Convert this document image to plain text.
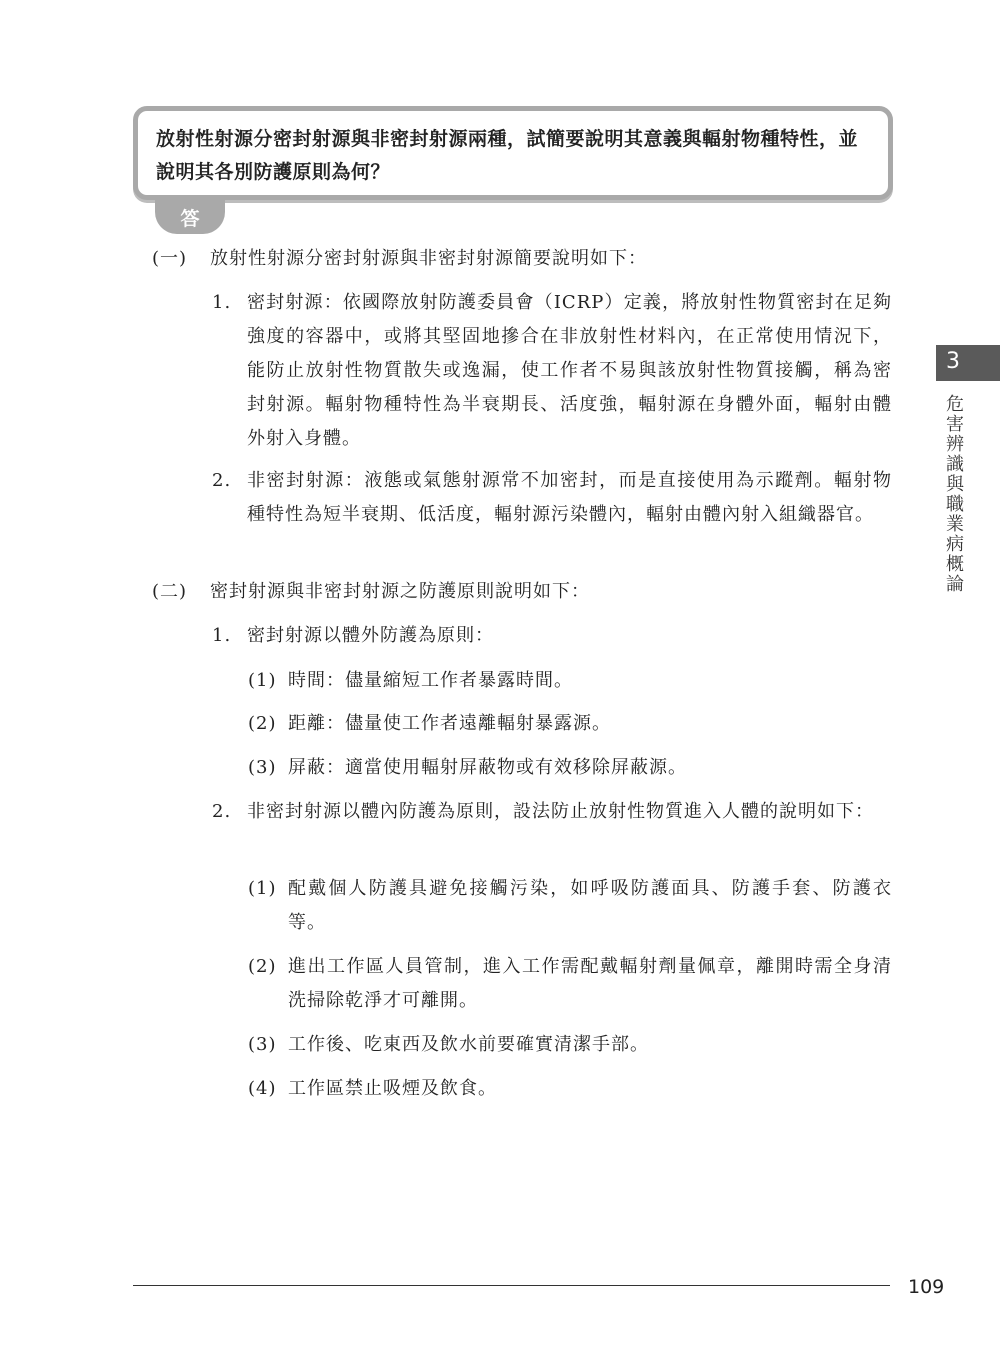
放射性射源分密封射源與非密封射源兩種，試簡要說明其意義與輻射物種特性，並說明其各別防護原則為何？
答
(一) 放射性射源分密封射源與非密封射源簡要說明如下：
1. 密封射源：依國際放射防護委員會（ICRP）定義，將放射性物質密封在足夠強度的容器中，或將其堅固地摻合在非放射性材料內，在正常使用情況下，能防止放射性物質散失或逸漏，使工作者不易與該放射性物質接觸，稱為密封射源。輻射物種特性為半衰期長、活度強，輻射源在身體外面，輻射由體外射入身體。
2. 非密封射源：液態或氣態射源常不加密封，而是直接使用為示蹤劑。輻射物種特性為短半衰期、低活度，輻射源污染體內，輻射由體內射入組織器官。
(二) 密封射源與非密封射源之防護原則說明如下：
1. 密封射源以體外防護為原則：
(1) 時間：儘量縮短工作者暴露時間。
(2) 距離：儘量使工作者遠離輻射暴露源。
(3) 屏蔽：適當使用輻射屏蔽物或有效移除屏蔽源。
2. 非密封射源以體內防護為原則，設法防止放射性物質進入人體的說明如下：
(1) 配戴個人防護具避免接觸污染，如呼吸防護面具、防護手套、防護衣等。
(2) 進出工作區人員管制，進入工作需配戴輻射劑量佩章，離開時需全身清洗掃除乾淨才可離開。
(3) 工作後、吃東西及飲水前要確實清潔手部。
(4) 工作區禁止吸煙及飲食。
3
危害辨識與職業病概論
109
